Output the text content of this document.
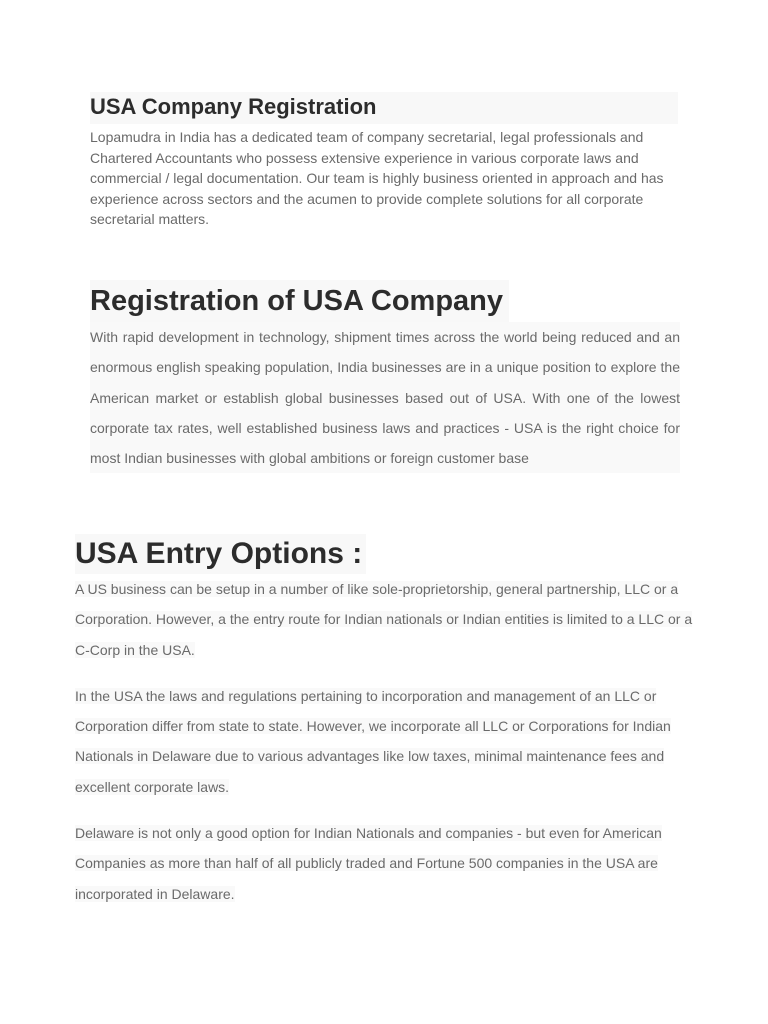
USA Company Registration

Lopamudra in India has a dedicated team of company secretarial, legal professionals and Chartered Accountants who possess extensive experience in various corporate laws and commercial / legal documentation. Our team is highly business oriented in approach and has experience across sectors and the acumen to provide complete solutions for all corporate secretarial matters.

Registration of USA Company

With rapid development in technology, shipment times across the world being reduced and an enormous english speaking population, India businesses are in a unique position to explore the American market or establish global businesses based out of USA. With one of the lowest corporate tax rates, well established business laws and practices - USA is the right choice for most Indian businesses with global ambitions or foreign customer base

USA Entry Options :

A US business can be setup in a number of like sole-proprietorship, general partnership, LLC or a Corporation. However, a the entry route for Indian nationals or Indian entities is limited to a LLC or a C-Corp in the USA.

In the USA the laws and regulations pertaining to incorporation and management of an LLC or Corporation differ from state to state. However, we incorporate all LLC or Corporations for Indian Nationals in Delaware due to various advantages like low taxes, minimal maintenance fees and excellent corporate laws.

Delaware is not only a good option for Indian Nationals and companies - but even for American Companies as more than half of all publicly traded and Fortune 500 companies in the USA are incorporated in Delaware.
